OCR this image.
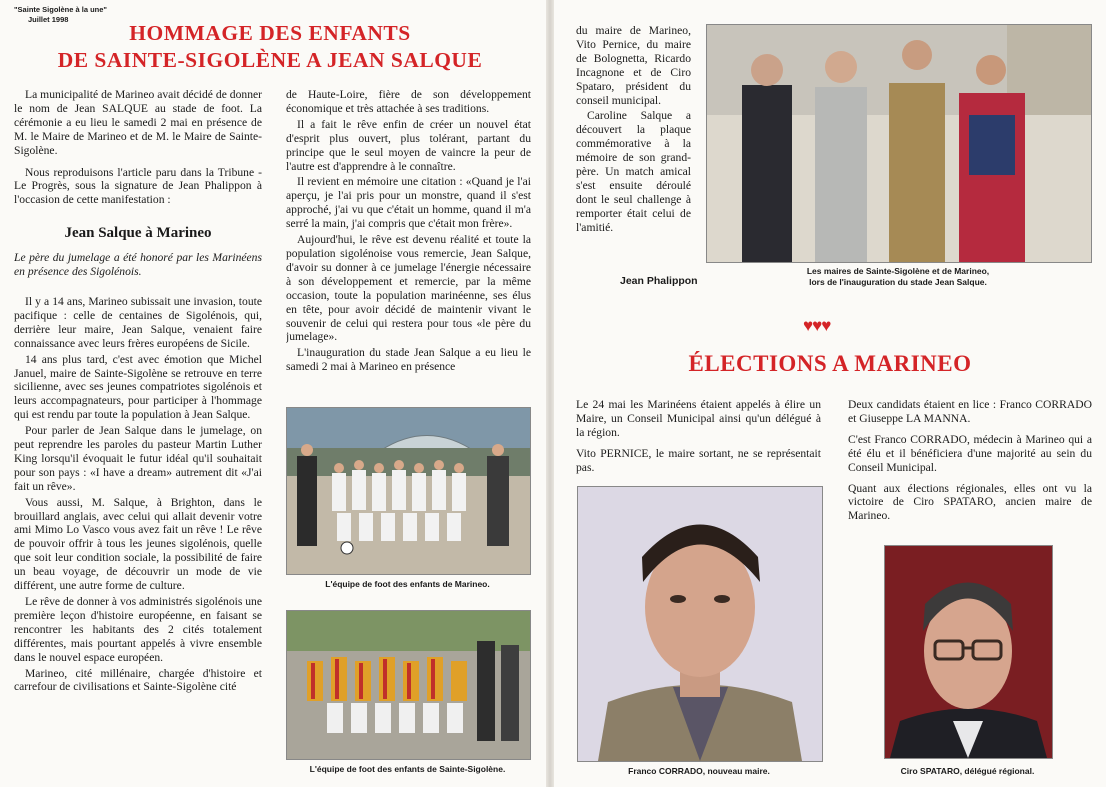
"Sainte Sigolène à la une"
Juillet 1998
HOMMAGE DES ENFANTS
DE SAINTE-SIGOLÈNE A JEAN SALQUE

La municipalité de Marineo avait décidé de donner le nom de Jean SALQUE au stade de foot. La cérémonie a eu lieu le samedi 2 mai en présence de M. le Maire de Marineo et de M. le Maire de Sainte-Sigolène.

Nous reproduisons l'article paru dans la Tribune - Le Progrès, sous la signature de Jean Phalippon à l'occasion de cette manifestation :

Jean Salque à Marineo

Le père du jumelage a été honoré par les Marinéens en présence des Sigolénois.

Il y a 14 ans, Marineo subissait une invasion, toute pacifique : celle de centaines de Sigolénois, qui, derrière leur maire, Jean Salque, venaient faire connaissance avec leurs frères européens de Sicile.

14 ans plus tard, c'est avec émotion que Michel Januel, maire de Sainte-Sigolène se retrouve en terre sicilienne, avec ses jeunes compatriotes sigolénois et leurs accompagnateurs, pour participer à l'hommage qui est rendu par toute la population à Jean Salque.

Pour parler de Jean Salque dans le jumelage, on peut reprendre les paroles du pasteur Martin Luther King lorsqu'il évoquait le futur idéal qu'il souhaitait pour son pays : «I have a dream» autrement dit «J'ai fait un rêve».

Vous aussi, M. Salque, à Brighton, dans le brouillard anglais, avec celui qui allait devenir votre ami Mimo Lo Vasco vous avez fait un rêve ! Le rêve de pouvoir offrir à tous les jeunes sigolénois, quelle que soit leur condition sociale, la possibilité de faire un beau voyage, de découvrir un mode de vie différent, une autre forme de culture.

Le rêve de donner à vos administrés sigolénois une première leçon d'histoire européenne, en faisant se rencontrer les habitants des 2 cités totalement différentes, mais pourtant appelés à vivre ensemble dans le nouvel espace européen.

Marineo, cité millénaire, chargée d'histoire et carrefour de civilisations et Sainte-Sigolène cité

de Haute-Loire, fière de son développement économique et très attachée à ses traditions.

Il a fait le rêve enfin de créer un nouvel état d'esprit plus ouvert, plus tolérant, partant du principe que le seul moyen de vaincre la peur de l'autre est d'apprendre à le connaître.

Il revient en mémoire une citation : «Quand je l'ai aperçu, je l'ai pris pour un monstre, quand il s'est approché, j'ai vu que c'était un homme, quand il m'a serré la main, j'ai compris que c'était mon frère».

Aujourd'hui, le rêve est devenu réalité et toute la population sigolénoise vous remercie, Jean Salque, d'avoir su donner à ce jumelage l'énergie nécessaire à son développement et remercie, par la même occasion, toute la population marinéenne, ses élus en tête, pour avoir décidé de maintenir vivant le souvenir de celui qui restera pour tous «le père du jumelage».

L'inauguration du stade Jean Salque a eu lieu le samedi 2 mai à Marineo en présence

L'équipe de foot des enfants de Marineo.
L'équipe de foot des enfants de Sainte-Sigolène.

du maire de Marineo, Vito Pernice, du maire de Bolognetta, Ricardo Incagnone et de Ciro Spataro, président du conseil municipal.

Caroline Salque a découvert la plaque commémorative à la mémoire de son grand-père. Un match amical s'est ensuite déroulé dont le seul challenge à remporter était celui de l'amitié.

Jean Phalippon
Les maires de Sainte-Sigolène et de Marineo,
lors de l'inauguration du stade Jean Salque.
♥♥♥
ÉLECTIONS A MARINEO

Le 24 mai les Marinéens étaient appelés à élire un Maire, un Conseil Municipal ainsi qu'un délégué à la région.

Vito PERNICE, le maire sortant, ne se représentait pas.

Deux candidats étaient en lice : Franco CORRADO et Giuseppe LA MANNA.

C'est Franco CORRADO, médecin à Marineo qui a été élu et il bénéficiera d'une majorité au sein du Conseil Municipal.

Quant aux élections régionales, elles ont vu la victoire de Ciro SPATARO, ancien maire de Marineo.

Franco CORRADO, nouveau maire.	Ciro SPATARO, délégué régional.
